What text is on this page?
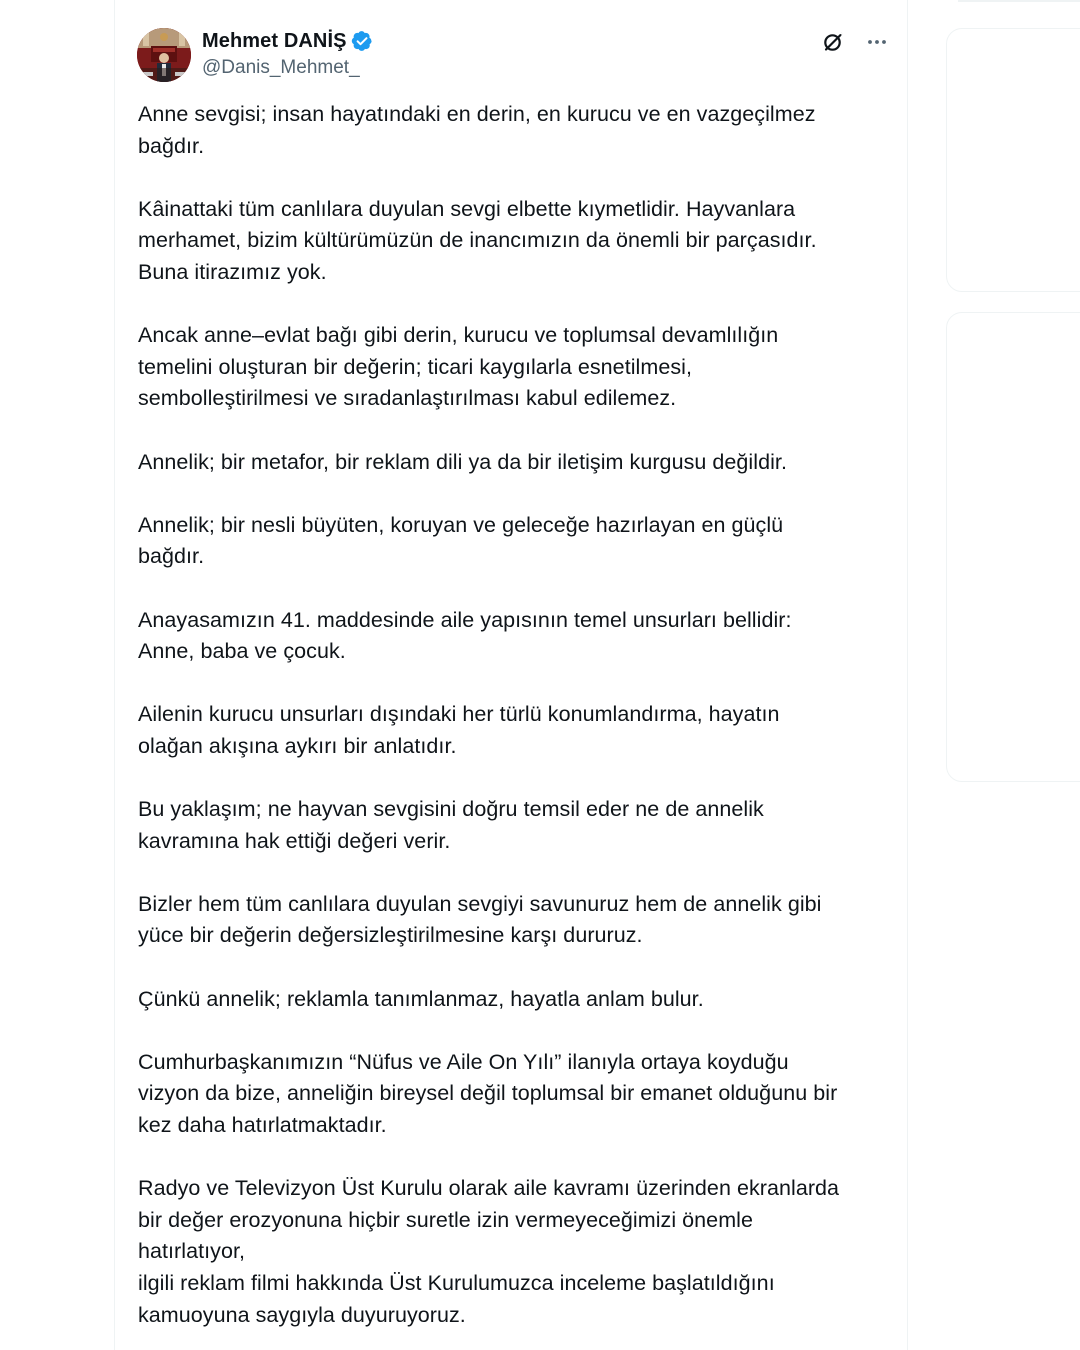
Mehmet DANİŞ
@Danis_Mehmet_

Anne sevgisi; insan hayatındaki en derin, en kurucu ve en vazgeçilmez
bağdır.

Kâinattaki tüm canlılara duyulan sevgi elbette kıymetlidir. Hayvanlara
merhamet, bizim kültürümüzün de inancımızın da önemli bir parçasıdır.
Buna itirazımız yok.

Ancak anne–evlat bağı gibi derin, kurucu ve toplumsal devamlılığın
temelini oluşturan bir değerin; ticari kaygılarla esnetilmesi,
sembolleştirilmesi ve sıradanlaştırılması kabul edilemez.

Annelik; bir metafor, bir reklam dili ya da bir iletişim kurgusu değildir.

Annelik; bir nesli büyüten, koruyan ve geleceğe hazırlayan en güçlü
bağdır.

Anayasamızın 41. maddesinde aile yapısının temel unsurları bellidir:
Anne, baba ve çocuk.

Ailenin kurucu unsurları dışındaki her türlü konumlandırma, hayatın
olağan akışına aykırı bir anlatıdır.

Bu yaklaşım; ne hayvan sevgisini doğru temsil eder ne de annelik
kavramına hak ettiği değeri verir.

Bizler hem tüm canlılara duyulan sevgiyi savunuruz hem de annelik gibi
yüce bir değerin değersizleştirilmesine karşı dururuz.

Çünkü annelik; reklamla tanımlanmaz, hayatla anlam bulur.

Cumhurbaşkanımızın “Nüfus ve Aile On Yılı” ilanıyla ortaya koyduğu
vizyon da bize, anneliğin bireysel değil toplumsal bir emanet olduğunu bir
kez daha hatırlatmaktadır.

Radyo ve Televizyon Üst Kurulu olarak aile kavramı üzerinden ekranlarda
bir değer erozyonuna hiçbir suretle izin vermeyeceğimizi önemle
hatırlatıyor,
ilgili reklam filmi hakkında Üst Kurulumuzca inceleme başlatıldığını
kamuoyuna saygıyla duyuruyoruz.
